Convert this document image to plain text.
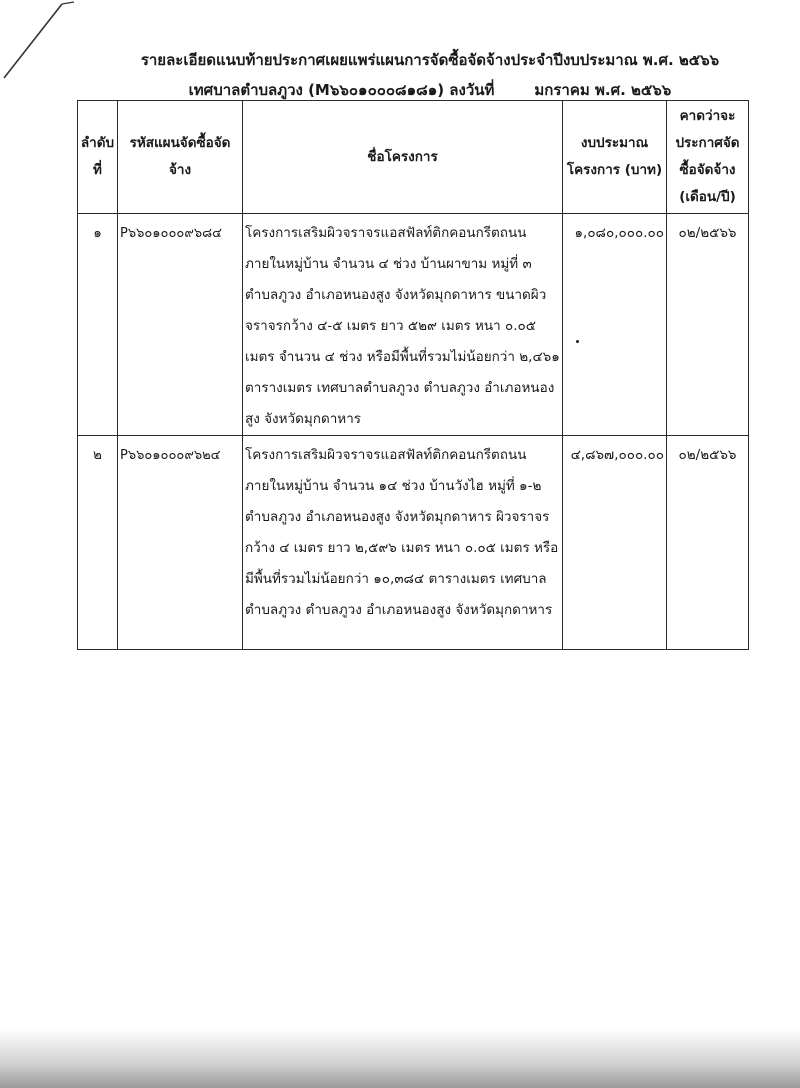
รายละเอียดแนบท้ายประกาศเผยแพร่แผนการจัดซื้อจัดจ้างประจำปีงบประมาณ พ.ศ. ๒๕๖๖
เทศบาลตำบลภูวง (M๖๖๐๑๐๐๐๘๑๘๑) ลงวันที่	มกราคม พ.ศ. ๒๕๖๖
ลำดับที่	รหัสแผนจัดซื้อจัดจ้าง	ชื่อโครงการ	งบประมาณโครงการ (บาท)	คาดว่าจะประกาศจัดซื้อจัดจ้าง (เดือน/ปี)
๑	P๖๖๐๑๐๐๐๙๖๘๔	โครงการเสริมผิวจราจรแอสฟัลท์ติกคอนกรีตถนนภายในหมู่บ้าน จำนวน ๔ ช่วง บ้านผาขาม หมู่ที่ ๓ ตำบลภูวง อำเภอหนองสูง จังหวัดมุกดาหาร ขนาดผิวจราจรกว้าง ๔-๕ เมตร ยาว ๕๒๙ เมตร หนา ๐.๐๕ เมตร จำนวน ๔ ช่วง หรือมีพื้นที่รวมไม่น้อยกว่า ๒,๔๖๑ ตารางเมตร เทศบาลตำบลภูวง ตำบลภูวง อำเภอหนองสูง จังหวัดมุกดาหาร	๑,๐๘๐,๐๐๐.๐๐	๐๒/๒๕๖๖
๒	P๖๖๐๑๐๐๐๙๖๒๔	โครงการเสริมผิวจราจรแอสฟัลท์ติกคอนกรีตถนนภายในหมู่บ้าน จำนวน ๑๔ ช่วง บ้านวังไฮ หมู่ที่ ๑-๒ ตำบลภูวง อำเภอหนองสูง จังหวัดมุกดาหาร ผิวจราจรกว้าง ๔ เมตร ยาว ๒,๕๙๖ เมตร หนา ๐.๐๕ เมตร หรือมีพื้นที่รวมไม่น้อยกว่า ๑๐,๓๘๔ ตารางเมตร เทศบาลตำบลภูวง ตำบลภูวง อำเภอหนองสูง จังหวัดมุกดาหาร	๔,๘๖๗,๐๐๐.๐๐	๐๒/๒๕๖๖
